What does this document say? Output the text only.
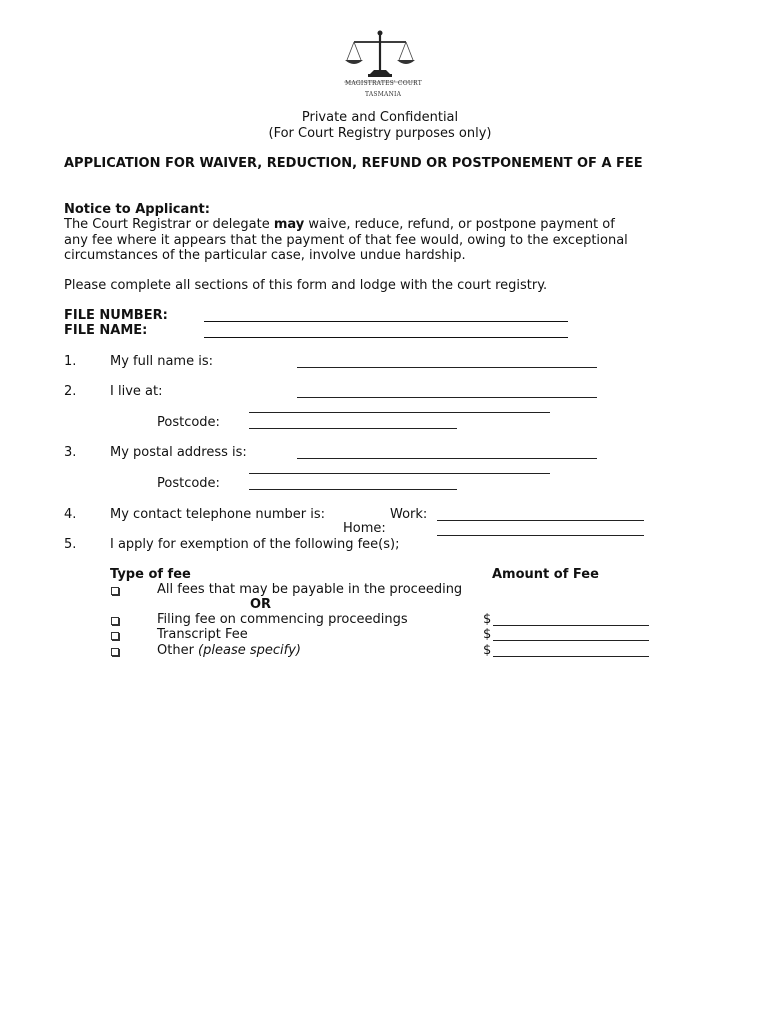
MAGISTRATES' COURT
TASMANIA
Private and Confidential
(For Court Registry purposes only)
APPLICATION FOR WAIVER, REDUCTION, REFUND OR POSTPONEMENT OF A FEE
Notice to Applicant:
The Court Registrar or delegate may waive, reduce, refund, or postpone payment of
any fee where it appears that the payment of that fee would, owing to the exceptional
circumstances of the particular case, involve undue hardship.
Please complete all sections of this form and lodge with the court registry.
FILE NUMBER:
FILE NAME:
1.	My full name is:
2.	I live at:
Postcode:
3.	My postal address is:
Postcode:
4.	My contact telephone number is:	Work:
Home:
5.	I apply for exemption of the following fee(s);
Type of fee	Amount of Fee
All fees that may be payable in the proceeding
OR
Filing fee on commencing proceedings	$
Transcript Fee	$
Other (please specify)	$
